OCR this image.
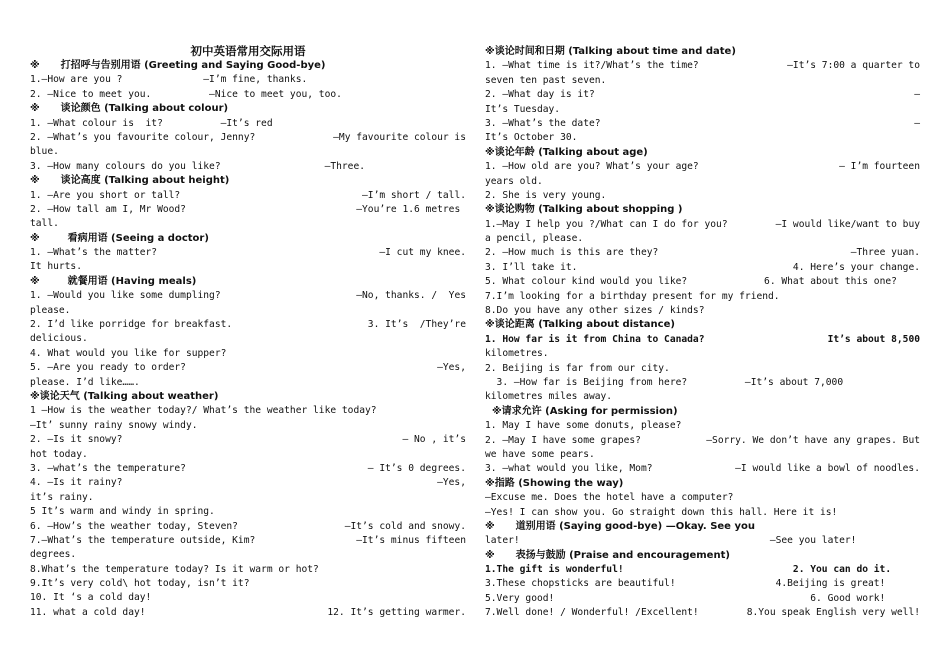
初中英语常用交际用语
※      打招呼与告别用语 (Greeting and Saying Good-bye)
1.—How are you ?              —I’m fine, thanks.
2. —Nice to meet you.          —Nice to meet you, too.
※      谈论颜色 (Talking about colour)
1. —What colour is  it?          —It’s red
2. —What’s you favourite colour, Jenny?	—My favourite colour is
blue.
3. —How many colours do you like?                  —Three.
※      谈论高度 (Talking about height)
1. —Are you short or tall?	—I’m short / tall.
2. —How tall am I, Mr Wood?	—You’re 1.6 metres
tall.
※        看病用语 (Seeing a doctor)
1. —What’s the matter?	—I cut my knee.
It hurts.
※        就餐用语 (Having meals)
1. —Would you like some dumpling?	—No, thanks. /  Yes
please.
2. I’d like porridge for breakfast.	3. It’s  /They’re
delicious.
4. What would you like for supper?
5. —Are you ready to order?	—Yes,
please. I’d like…….
※谈论天气 (Talking about weather)
1 —How is the weather today?/ What’s the weather like today?
—It’ sunny rainy snowy windy.
2. —Is it snowy?	— No , it’s
hot today.
3. —what’s the temperature?	— It’s 0 degrees.
4. —Is it rainy?	—Yes,
it’s rainy.
5 It’s warm and windy in spring.
6. —How’s the weather today, Steven?	—It’s cold and snowy.
7.—What’s the temperature outside, Kim?	—It’s minus fifteen
degrees.
8.What’s the temperature today? Is it warm or hot?
9.It’s very cold\ hot today, isn’t it?
10. It ‘s a cold day!
11. what a cold day!	12. It’s getting warmer.
※谈论时间和日期 (Talking about time and date)
1. —What time is it?/What’s the time?	—It’s 7:00 a quarter to
seven ten past seven.
2. —What day is it?	—
It’s Tuesday.
3. —What’s the date?	—
It’s October 30.
※谈论年龄 (Talking about age)
1. —How old are you? What’s your age?	— I’m fourteen
years old.
2. She is very young.
※谈论购物 (Talking about shopping )
1.—May I help you ?/What can I do for you?	—I would like/want to buy
a pencil, please.
2. —How much is this are they?	—Three yuan.
3. I’ll take it.	4. Here’s your change.
5. What colour kind would you like?	6. What about this one?
7.I’m looking for a birthday present for my friend.
8.Do you have any other sizes / kinds?
※谈论距离 (Talking about distance)
1. How far is it from China to Canada?	It’s about 8,500
kilometres.
2. Beijing is far from our city.
3. —How far is Beijing from here?          —It’s about 7,000
kilometres miles away.
※请求允许 (Asking for permission)
1. May I have some donuts, please?
2. —May I have some grapes?	—Sorry. We don’t have any grapes. But
we have some pears.
3. —what would you like, Mom?	—I would like a bowl of noodles.
※指路 (Showing the way)
—Excuse me. Does the hotel have a computer?
—Yes! I can show you. Go straight down this hall. Here it is!
※      道别用语 (Saying good-bye) —Okay. See you
later!	—See you later!
※      表扬与鼓励 (Praise and encouragement)
1.The gift is wonderful!	2. You can do it.
3.These chopsticks are beautiful!	4.Beijing is great!
5.Very good!	6. Good work!
7.Well done! / Wonderful! /Excellent!	8.You speak English very well!
